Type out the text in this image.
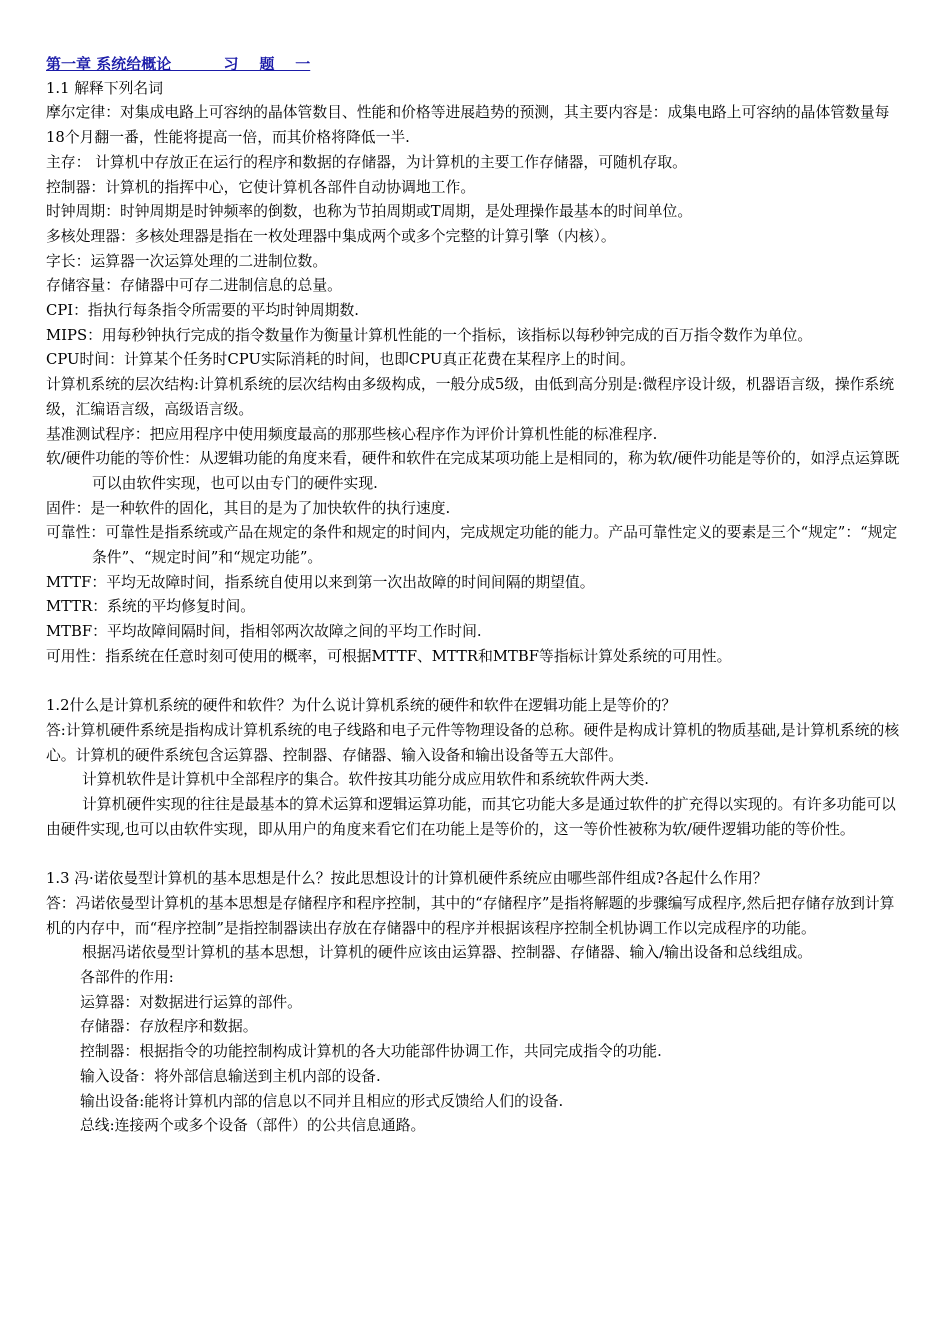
第一章 系统给概论          习    题    一

1.1 解释下列名词

摩尔定律：对集成电路上可容纳的晶体管数目、性能和价格等进展趋势的预测，其主要内容是：成集电路上可容纳的晶体管数量每18个月翻一番，性能将提高一倍，而其价格将降低一半.

主存： 计算机中存放正在运行的程序和数据的存储器，为计算机的主要工作存储器，可随机存取。

控制器：计算机的指挥中心，它使计算机各部件自动协调地工作。

时钟周期：时钟周期是时钟频率的倒数，也称为节拍周期或T周期，是处理操作最基本的时间单位。

多核处理器：多核处理器是指在一枚处理器中集成两个或多个完整的计算引擎（内核）。

字长：运算器一次运算处理的二进制位数。

存储容量：存储器中可存二进制信息的总量。

CPI：指执行每条指令所需要的平均时钟周期数.

MIPS：用每秒钟执行完成的指令数量作为衡量计算机性能的一个指标，该指标以每秒钟完成的百万指令数作为单位。

CPU时间：计算某个任务时CPU实际消耗的时间，也即CPU真正花费在某程序上的时间。

计算机系统的层次结构:计算机系统的层次结构由多级构成，一般分成5级，由低到高分别是:微程序设计级，机器语言级，操作系统级，汇编语言级，高级语言级。

基准测试程序：把应用程序中使用频度最高的那那些核心程序作为评价计算机性能的标准程序.

软/硬件功能的等价性：从逻辑功能的角度来看，硬件和软件在完成某项功能上是相同的，称为软/硬件功能是等价的，如浮点运算既可以由软件实现，也可以由专门的硬件实现.

固件：是一种软件的固化，其目的是为了加快软件的执行速度.

可靠性：可靠性是指系统或产品在规定的条件和规定的时间内，完成规定功能的能力。产品可靠性定义的要素是三个“规定”：“规定条件”、“规定时间”和“规定功能”。

MTTF：平均无故障时间，指系统自使用以来到第一次出故障的时间间隔的期望值。

MTTR：系统的平均修复时间。

MTBF：平均故障间隔时间，指相邻两次故障之间的平均工作时间.

可用性：指系统在任意时刻可使用的概率，可根据MTTF、MTTR和MTBF等指标计算处系统的可用性。

1.2什么是计算机系统的硬件和软件？为什么说计算机系统的硬件和软件在逻辑功能上是等价的？

答:计算机硬件系统是指构成计算机系统的电子线路和电子元件等物理设备的总称。硬件是构成计算机的物质基础,是计算机系统的核心。计算机的硬件系统包含运算器、控制器、存储器、输入设备和输出设备等五大部件。

计算机软件是计算机中全部程序的集合。软件按其功能分成应用软件和系统软件两大类.

计算机硬件实现的往往是最基本的算术运算和逻辑运算功能，而其它功能大多是通过软件的扩充得以实现的。有许多功能可以由硬件实现,也可以由软件实现，即从用户的角度来看它们在功能上是等价的，这一等价性被称为软/硬件逻辑功能的等价性。

1.3 冯·诺依曼型计算机的基本思想是什么？按此思想设计的计算机硬件系统应由哪些部件组成?各起什么作用？

答：冯诺依曼型计算机的基本思想是存储程序和程序控制，其中的“存储程序”是指将解题的步骤编写成程序,然后把存储存放到计算机的内存中，而“程序控制”是指控制器读出存放在存储器中的程序并根据该程序控制全机协调工作以完成程序的功能。

根据冯诺依曼型计算机的基本思想，计算机的硬件应该由运算器、控制器、存储器、输入/输出设备和总线组成。

各部件的作用:

运算器：对数据进行运算的部件。

存储器：存放程序和数据。

控制器：根据指令的功能控制构成计算机的各大功能部件协调工作，共同完成指令的功能.

输入设备：将外部信息输送到主机内部的设备.

输出设备:能将计算机内部的信息以不同并且相应的形式反馈给人们的设备.

总线:连接两个或多个设备（部件）的公共信息通路。
